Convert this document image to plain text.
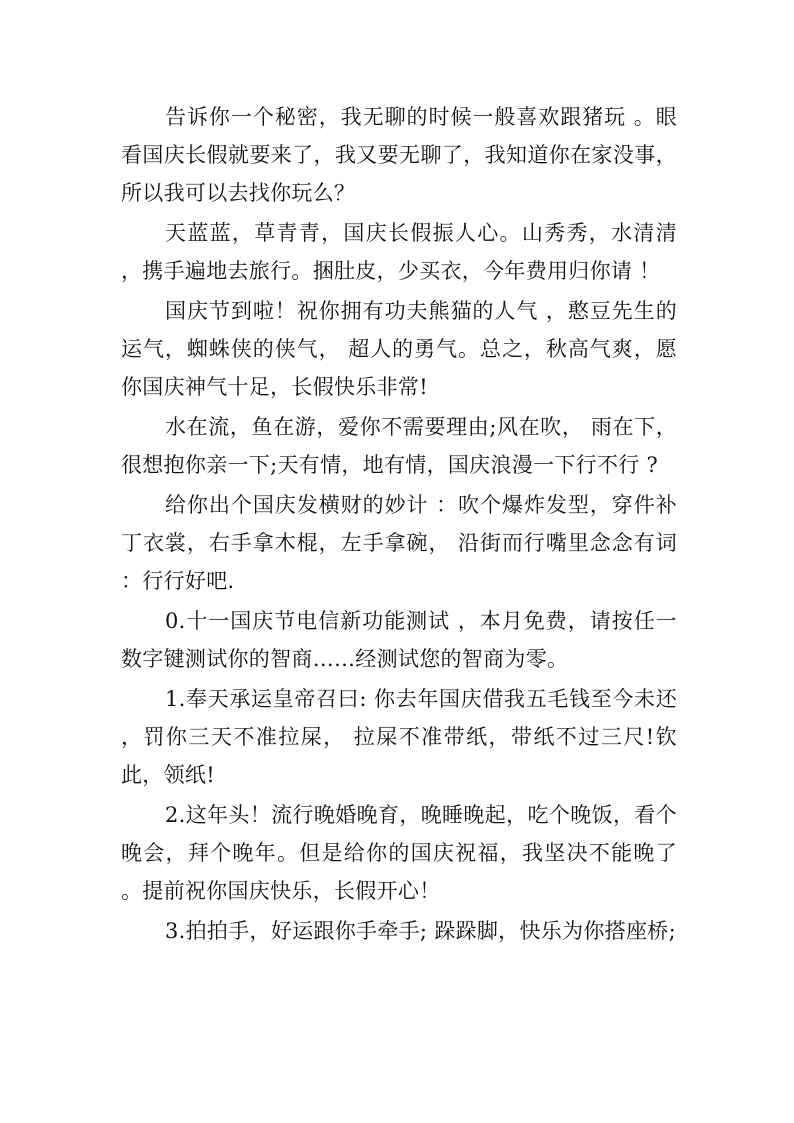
告诉你一个秘密，我无聊的时候一般喜欢跟猪玩 。眼看国庆长假就要来了，我又要无聊了，我知道你在家没事，所以我可以去找你玩么？

天蓝蓝，草青青，国庆长假振人心。山秀秀，水清清 ，携手遍地去旅行。捆肚皮，少买衣，今年费用归你请 ！

国庆节到啦！祝你拥有功夫熊猫的人气 ，憨豆先生的运气，蜘蛛侠的侠气， 超人的勇气。总之，秋高气爽，愿你国庆神气十足，长假快乐非常!

水在流，鱼在游，爱你不需要理由;风在吹， 雨在下，很想抱你亲一下;天有情，地有情，国庆浪漫一下行不行 ?

给你出个国庆发横财的妙计 ：吹个爆炸发型，穿件补丁衣裳，右手拿木棍，左手拿碗， 沿街而行嘴里念念有词 ：行行好吧.

0.十一国庆节电信新功能测试 ，本月免费，请按任一数字键测试你的智商……经测试您的智商为零。

1.奉天承运皇帝召曰: 你去年国庆借我五毛钱至今未还 ，罚你三天不准拉屎， 拉屎不准带纸，带纸不过三尺!钦此，领纸!

2.这年头！流行晚婚晚育，晚睡晚起，吃个晚饭，看个晚会，拜个晚年。但是给你的国庆祝福，我坚决不能晚了 。提前祝你国庆快乐，长假开心！

3.拍拍手，好运跟你手牵手; 跺跺脚，快乐为你搭座桥;
